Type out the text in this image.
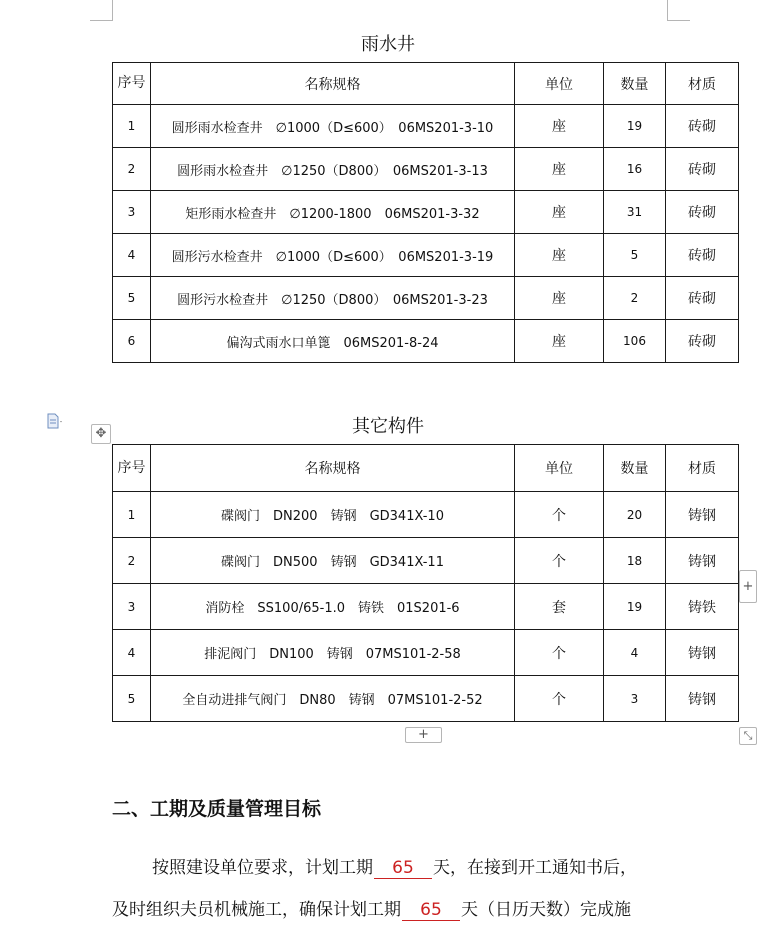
雨水井
序号	名称规格	单位	数量	材质
1	圆形雨水检查井　∅1000（D≤600）　06MS201-3-10	座	19	砖砌
2	圆形雨水检查井　∅1250（D800）　06MS201-3-13	座	16	砖砌
3	矩形雨水检查井　∅1200-1800　06MS201-3-32	座	31	砖砌
4	圆形污水检查井　∅1000（D≤600）　06MS201-3-19	座	5	砖砌
5	圆形污水检查井　∅1250（D800）　06MS201-3-23	座	2	砖砌
6	偏沟式雨水口单篦　06MS201-8-24	座	106	砖砌
✥	其它构件
序号	名称规格	单位	数量	材质
1	碟阀门　DN200　铸钢　GD341X-10	个	20	铸钢
2	碟阀门　DN500　铸钢　GD341X-11	个	18	铸钢
3	消防栓　SS100/65-1.0　铸铁　01S201-6	套	19	铸铁
4	排泥阀门　DN100　铸钢　07MS101-2-58	个	4	铸钢
5	全自动进排气阀门　DN80　铸钢　07MS101-2-52	个	3	铸钢
+
+	⤡
二、工期及质量管理目标
按照建设单位要求，计划工期 65 天，在接到开工通知书后，
及时组织夫员机械施工，确保计划工期 65 天（日历天数）完成施
